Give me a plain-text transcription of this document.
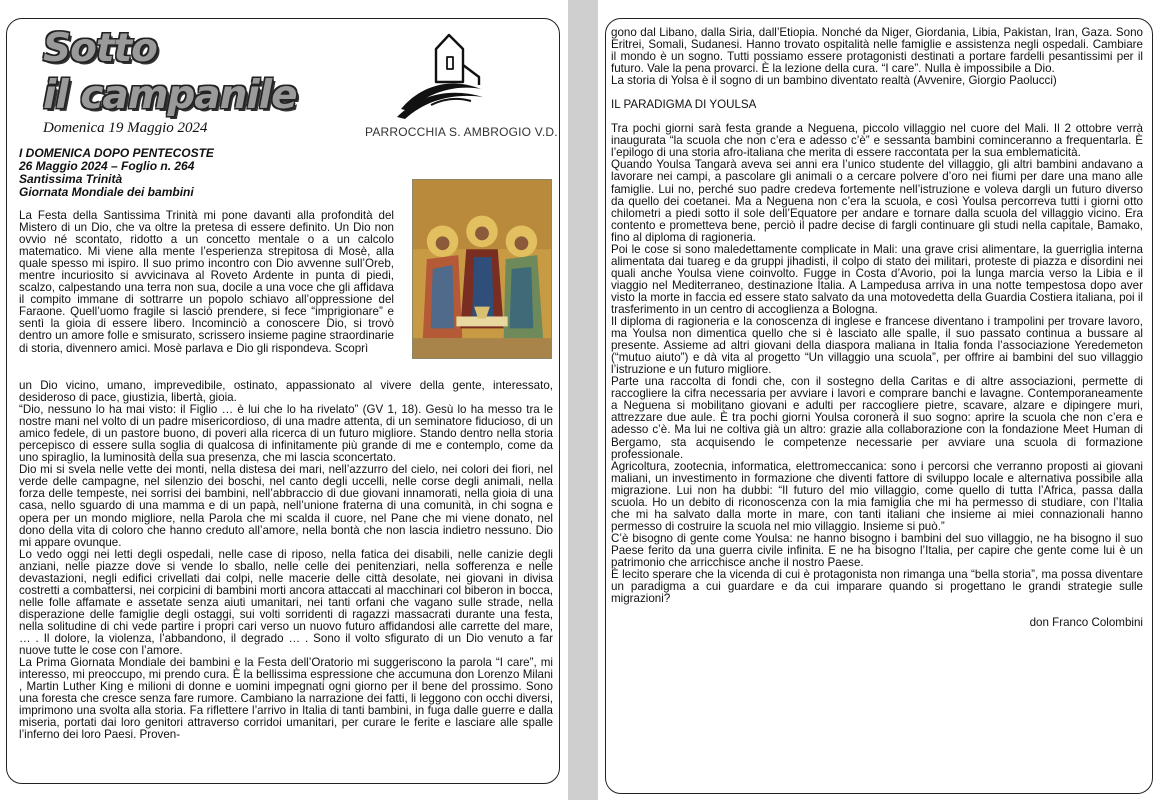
Sotto
il campanile
Domenica 19 Maggio 2024	PARROCCHIA S. AMBROGIO V.D.
I DOMENICA DOPO PENTECOSTE
26 Maggio 2024 – Foglio n. 264
Santissima Trinità
Giornata Mondiale dei bambini

La Festa della Santissima Trinità mi pone davanti alla profondità del Mistero di un Dio, che va oltre la pretesa di essere definito. Un Dio non ovvio né scontato, ridotto a un concetto mentale o a un calcolo matematico. Mi viene alla mente l’esperienza strepitosa di Mosè, alla quale spesso mi ispiro. Il suo primo incontro con Dio avvenne sull’Oreb, mentre incuriosito si avvicinava al Roveto Ardente in punta di piedi, scalzo, calpestando una terra non sua, docile a una voce che gli affidava il compito immane di sottrarre un popolo schiavo all’oppressione del Faraone. Quell’uomo fragile si lasciò prendere, si fece “imprigionare” e sentì la gioia di essere libero. Incominciò a conoscere Dio, si trovò dentro un amore folle e smisurato, scrissero insieme pagine straordinarie di storia, divennero amici. Mosè parlava e Dio gli rispondeva. Scoprì

un Dio vicino, umano, imprevedibile, ostinato, appassionato al vivere della gente, interessato, desideroso di pace, giustizia, libertà, gioia.

“Dio, nessuno lo ha mai visto: il Figlio … è lui che lo ha rivelato” (GV 1, 18). Gesù lo ha messo tra le nostre mani nel volto di un padre misericordioso, di una madre attenta, di un seminatore fiducioso, di un amico fedele, di un pastore buono, di poveri alla ricerca di un futuro migliore. Stando dentro nella storia percepisco di essere sulla soglia di qualcosa di infinitamente più grande di me e contemplo, come da uno spiraglio, la luminosità della sua presenza, che mi lascia sconcertato.

Dio mi si svela nelle vette dei monti, nella distesa dei mari, nell’azzurro del cielo, nei colori dei fiori, nel verde delle campagne, nel silenzio dei boschi, nel canto degli uccelli, nelle corse degli animali, nella forza delle tempeste, nei sorrisi dei bambini, nell’abbraccio di due giovani innamorati, nella gioia di una casa, nello sguardo di una mamma e di un papà, nell’unione fraterna di una comunità, in chi sogna e opera per un mondo migliore, nella Parola che mi scalda il cuore, nel Pane che mi viene donato, nel dono della vita di coloro che hanno creduto all’amore, nella bontà che non lascia indietro nessuno. Dio mi appare ovunque.

Lo vedo oggi nei letti degli ospedali, nelle case di riposo, nella fatica dei disabili, nelle canizie degli anziani, nelle piazze dove si vende lo sballo, nelle celle dei penitenziari, nella sofferenza e nelle devastazioni, negli edifici crivellati dai colpi, nelle macerie delle città desolate, nei giovani in divisa costretti a combattersi, nei corpicini di bambini morti ancora attaccati al macchinari col biberon in bocca, nelle folle affamate e assetate senza aiuti umanitari, nei tanti orfani che vagano sulle strade, nella disperazione delle famiglie degli ostaggi, sui volti sorridenti di ragazzi massacrati durante una festa, nella solitudine di chi vede partire i propri cari verso un nuovo futuro affidandosi alle carrette del mare, … . Il dolore, la violenza, l’abbandono, il degrado … . Sono il volto sfigurato di un Dio venuto a far nuove tutte le cose con l’amore.

La Prima Giornata Mondiale dei bambini e la Festa dell’Oratorio mi suggeriscono la parola “I care”, mi interesso, mi preoccupo, mi prendo cura. È la bellissima espressione che accumuna don Lorenzo Milani , Martin Luther King e milioni di donne e uomini impegnati ogni giorno per il bene del prossimo. Sono una foresta che cresce senza fare rumore. Cambiano la narrazione dei fatti, li leggono con occhi diversi, imprimono una svolta alla storia. Fa riflettere l’arrivo in Italia di tanti bambini, in fuga dalle guerre e dalla miseria, portati dai loro genitori attraverso corridoi umanitari, per curare le ferite e lasciare alle spalle l’inferno dei loro Paesi. Proven-

gono dal Libano, dalla Siria, dall’Etiopia. Nonché da Niger, Giordania, Libia, Pakistan, Iran, Gaza. Sono Eritrei, Somali, Sudanesi. Hanno trovato ospitalità nelle famiglie e assistenza negli ospedali. Cambiare il mondo è un sogno. Tutti possiamo essere protagonisti destinati a portare fardelli pesantissimi per il futuro. Vale la pena provarci. È la lezione della cura. “I care”. Nulla è impossibile a Dio.

La storia di Yolsa è il sogno di un bambino diventato realtà (Avvenire, Giorgio Paolucci)

IL PARADIGMA DI YOULSA

Tra pochi giorni sarà festa grande a Neguena, piccolo villaggio nel cuore del Mali. Il 2 ottobre verrà inaugurata “la scuola che non c’era e adesso c’è” e sessanta bambini cominceranno a frequentarla. È l’epilogo di una storia afro-italiana che merita di essere raccontata per la sua emblematicità.

Quando Youlsa Tangarà aveva sei anni era l’unico studente del villaggio, gli altri bambini andavano a lavorare nei campi, a pascolare gli animali o a cercare polvere d’oro nei fiumi per dare una mano alle famiglie. Lui no, perché suo padre credeva fortemente nell’istruzione e voleva dargli un futuro diverso da quello dei coetanei. Ma a Neguena non c’era la scuola, e così Youlsa percorreva tutti i giorni otto chilometri a piedi sotto il sole dell’Equatore per andare e tornare dalla scuola del villaggio vicino. Era contento e prometteva bene, perciò il padre decise di fargli continuare gli studi nella capitale, Bamako, fino al diploma di ragioneria.

Poi le cose si sono maledettamente complicate in Mali: una grave crisi alimentare, la guerriglia interna alimentata dai tuareg e da gruppi jihadisti, il colpo di stato dei militari, proteste di piazza e disordini nei quali anche Youlsa viene coinvolto. Fugge in Costa d’Avorio, poi la lunga marcia verso la Libia e il viaggio nel Mediterraneo, destinazione Italia. A Lampedusa arriva in una notte tempestosa dopo aver visto la morte in faccia ed essere stato salvato da una motovedetta della Guardia Costiera italiana, poi il trasferimento in un centro di accoglienza a Bologna.

Il diploma di ragioneria e la conoscenza di inglese e francese diventano i trampolini per trovare lavoro, ma Youlsa non dimentica quello che si è lasciato alle spalle, il suo passato continua a bussare al presente. Assieme ad altri giovani della diaspora maliana in Italia fonda l’associazione Yeredemeton (“mutuo aiuto”) e dà vita al progetto “Un villaggio una scuola”, per offrire ai bambini del suo villaggio l’istruzione e un futuro migliore.

Parte una raccolta di fondi che, con il sostegno della Caritas e di altre associazioni, permette di raccogliere la cifra necessaria per avviare i lavori e comprare banchi e lavagne. Contemporaneamente a Neguena si mobilitano giovani e adulti per raccogliere pietre, scavare, alzare e dipingere muri, attrezzare due aule. È tra pochi giorni Youlsa coronerà il suo sogno: aprire la scuola che non c’era e adesso c’è. Ma lui ne coltiva già un altro: grazie alla collaborazione con la fondazione Meet Human di Bergamo, sta acquisendo le competenze necessarie per avviare una scuola di formazione professionale.

Agricoltura, zootecnia, informatica, elettromeccanica: sono i percorsi che verranno proposti ai giovani maliani, un investimento in formazione che diventi fattore di sviluppo locale e alternativa possibile alla migrazione. Lui non ha dubbi: “Il futuro del mio villaggio, come quello di tutta l’Africa, passa dalla scuola. Ho un debito di riconoscenza con la mia famiglia che mi ha permesso di studiare, con l’Italia che mi ha salvato dalla morte in mare, con tanti italiani che insieme ai miei connazionali hanno permesso di costruire la scuola nel mio villaggio. Insieme si può.”

C’è bisogno di gente come Youlsa: ne hanno bisogno i bambini del suo villaggio, ne ha bisogno il suo Paese ferito da una guerra civile infinita. E ne ha bisogno l’Italia, per capire che gente come lui è un patrimonio che arricchisce anche il nostro Paese.

È lecito sperare che la vicenda di cui è protagonista non rimanga una “bella storia”, ma possa diventare un paradigma a cui guardare e da cui imparare quando si progettano le grandi strategie sulle migrazioni?

don Franco Colombini
